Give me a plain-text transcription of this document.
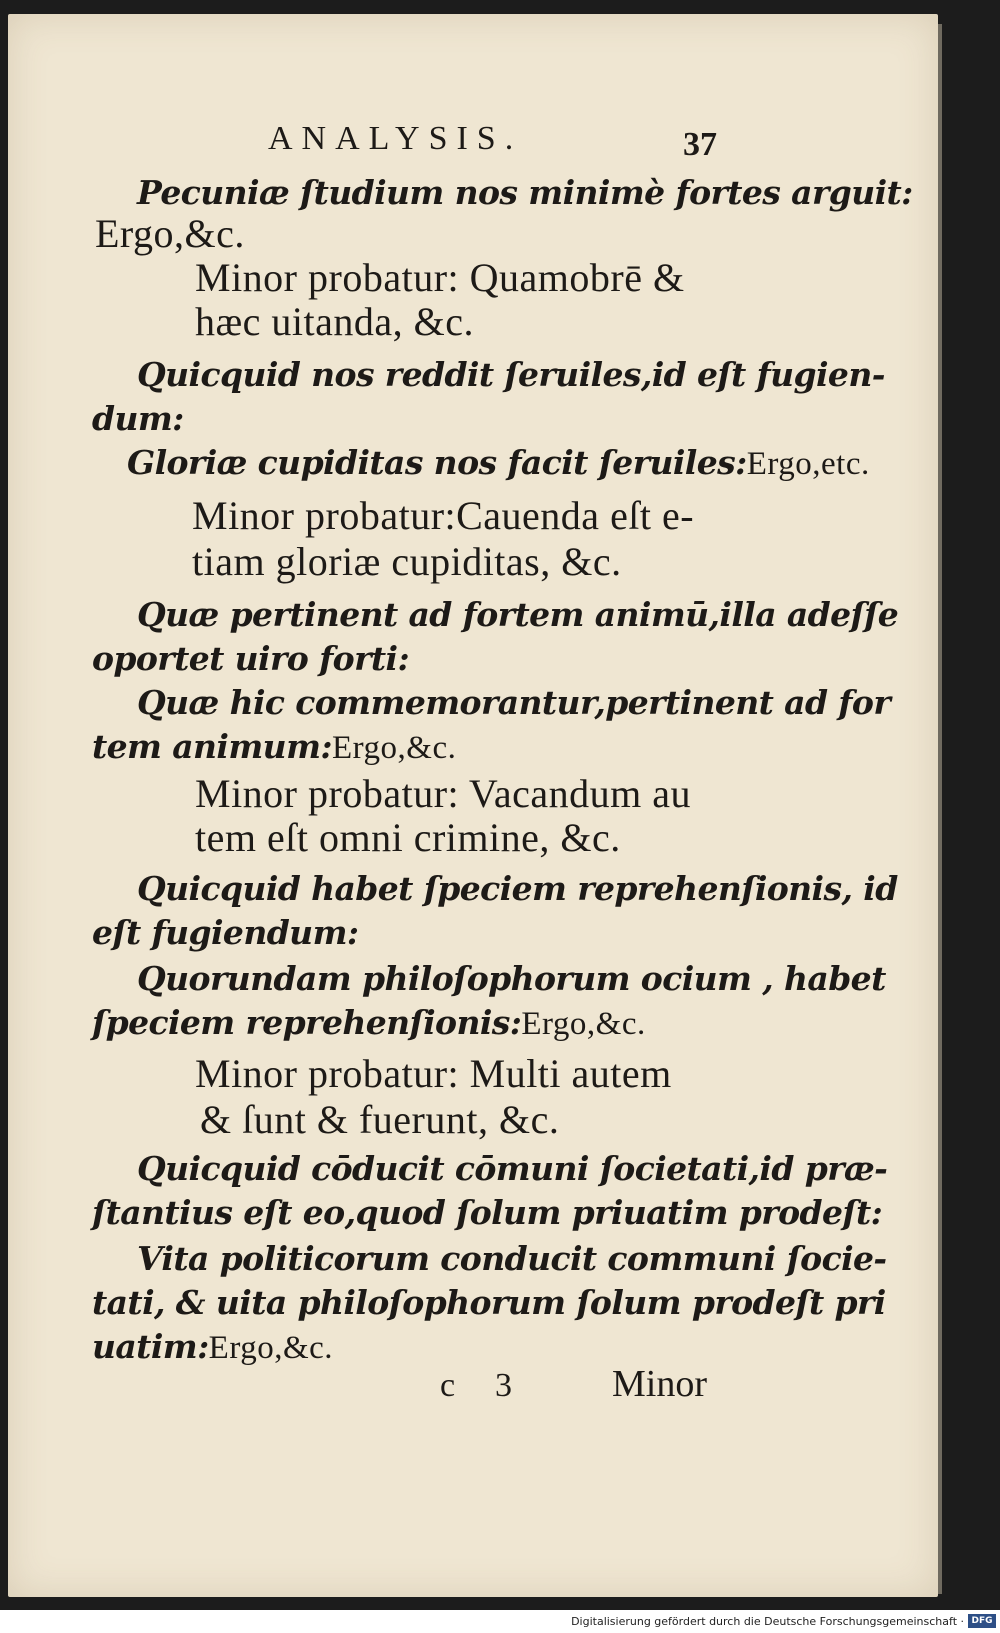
ANALYSIS.	37
Pecuniæ ſtudium nos minimè fortes arguit:
Ergo,&c.
Minor probatur: Quamobrē &
hæc uitanda, &c.
Quicquid nos reddit ſeruiles,id eſt fugien-
dum:
Gloriæ cupiditas nos facit ſeruiles:Ergo,etc.
Minor probatur:Cauenda eſt e-
tiam gloriæ cupiditas, &c.
Quæ pertinent ad fortem animū,illa adeſſe
oportet uiro forti:
Quæ hic commemorantur,pertinent ad for
tem animum:Ergo,&c.
Minor probatur: Vacandum au
tem eſt omni crimine, &c.
Quicquid habet ſpeciem reprehenſionis, id
eſt fugiendum:
Quorundam philoſophorum ocium , habet
ſpeciem reprehenſionis:Ergo,&c.
Minor probatur: Multi autem
& ſunt & fuerunt, &c.
Quicquid cōducit cōmuni ſocietati,id præ-
ſtantius eſt eo,quod ſolum priuatim prodeſt:
Vita politicorum conducit communi ſocie-
tati, & uita philoſophorum ſolum prodeſt pri
uatim:Ergo,&c.
c 3	Minor
Digitalisierung gefördert durch die Deutsche Forschungsgemeinschaft · DFG
